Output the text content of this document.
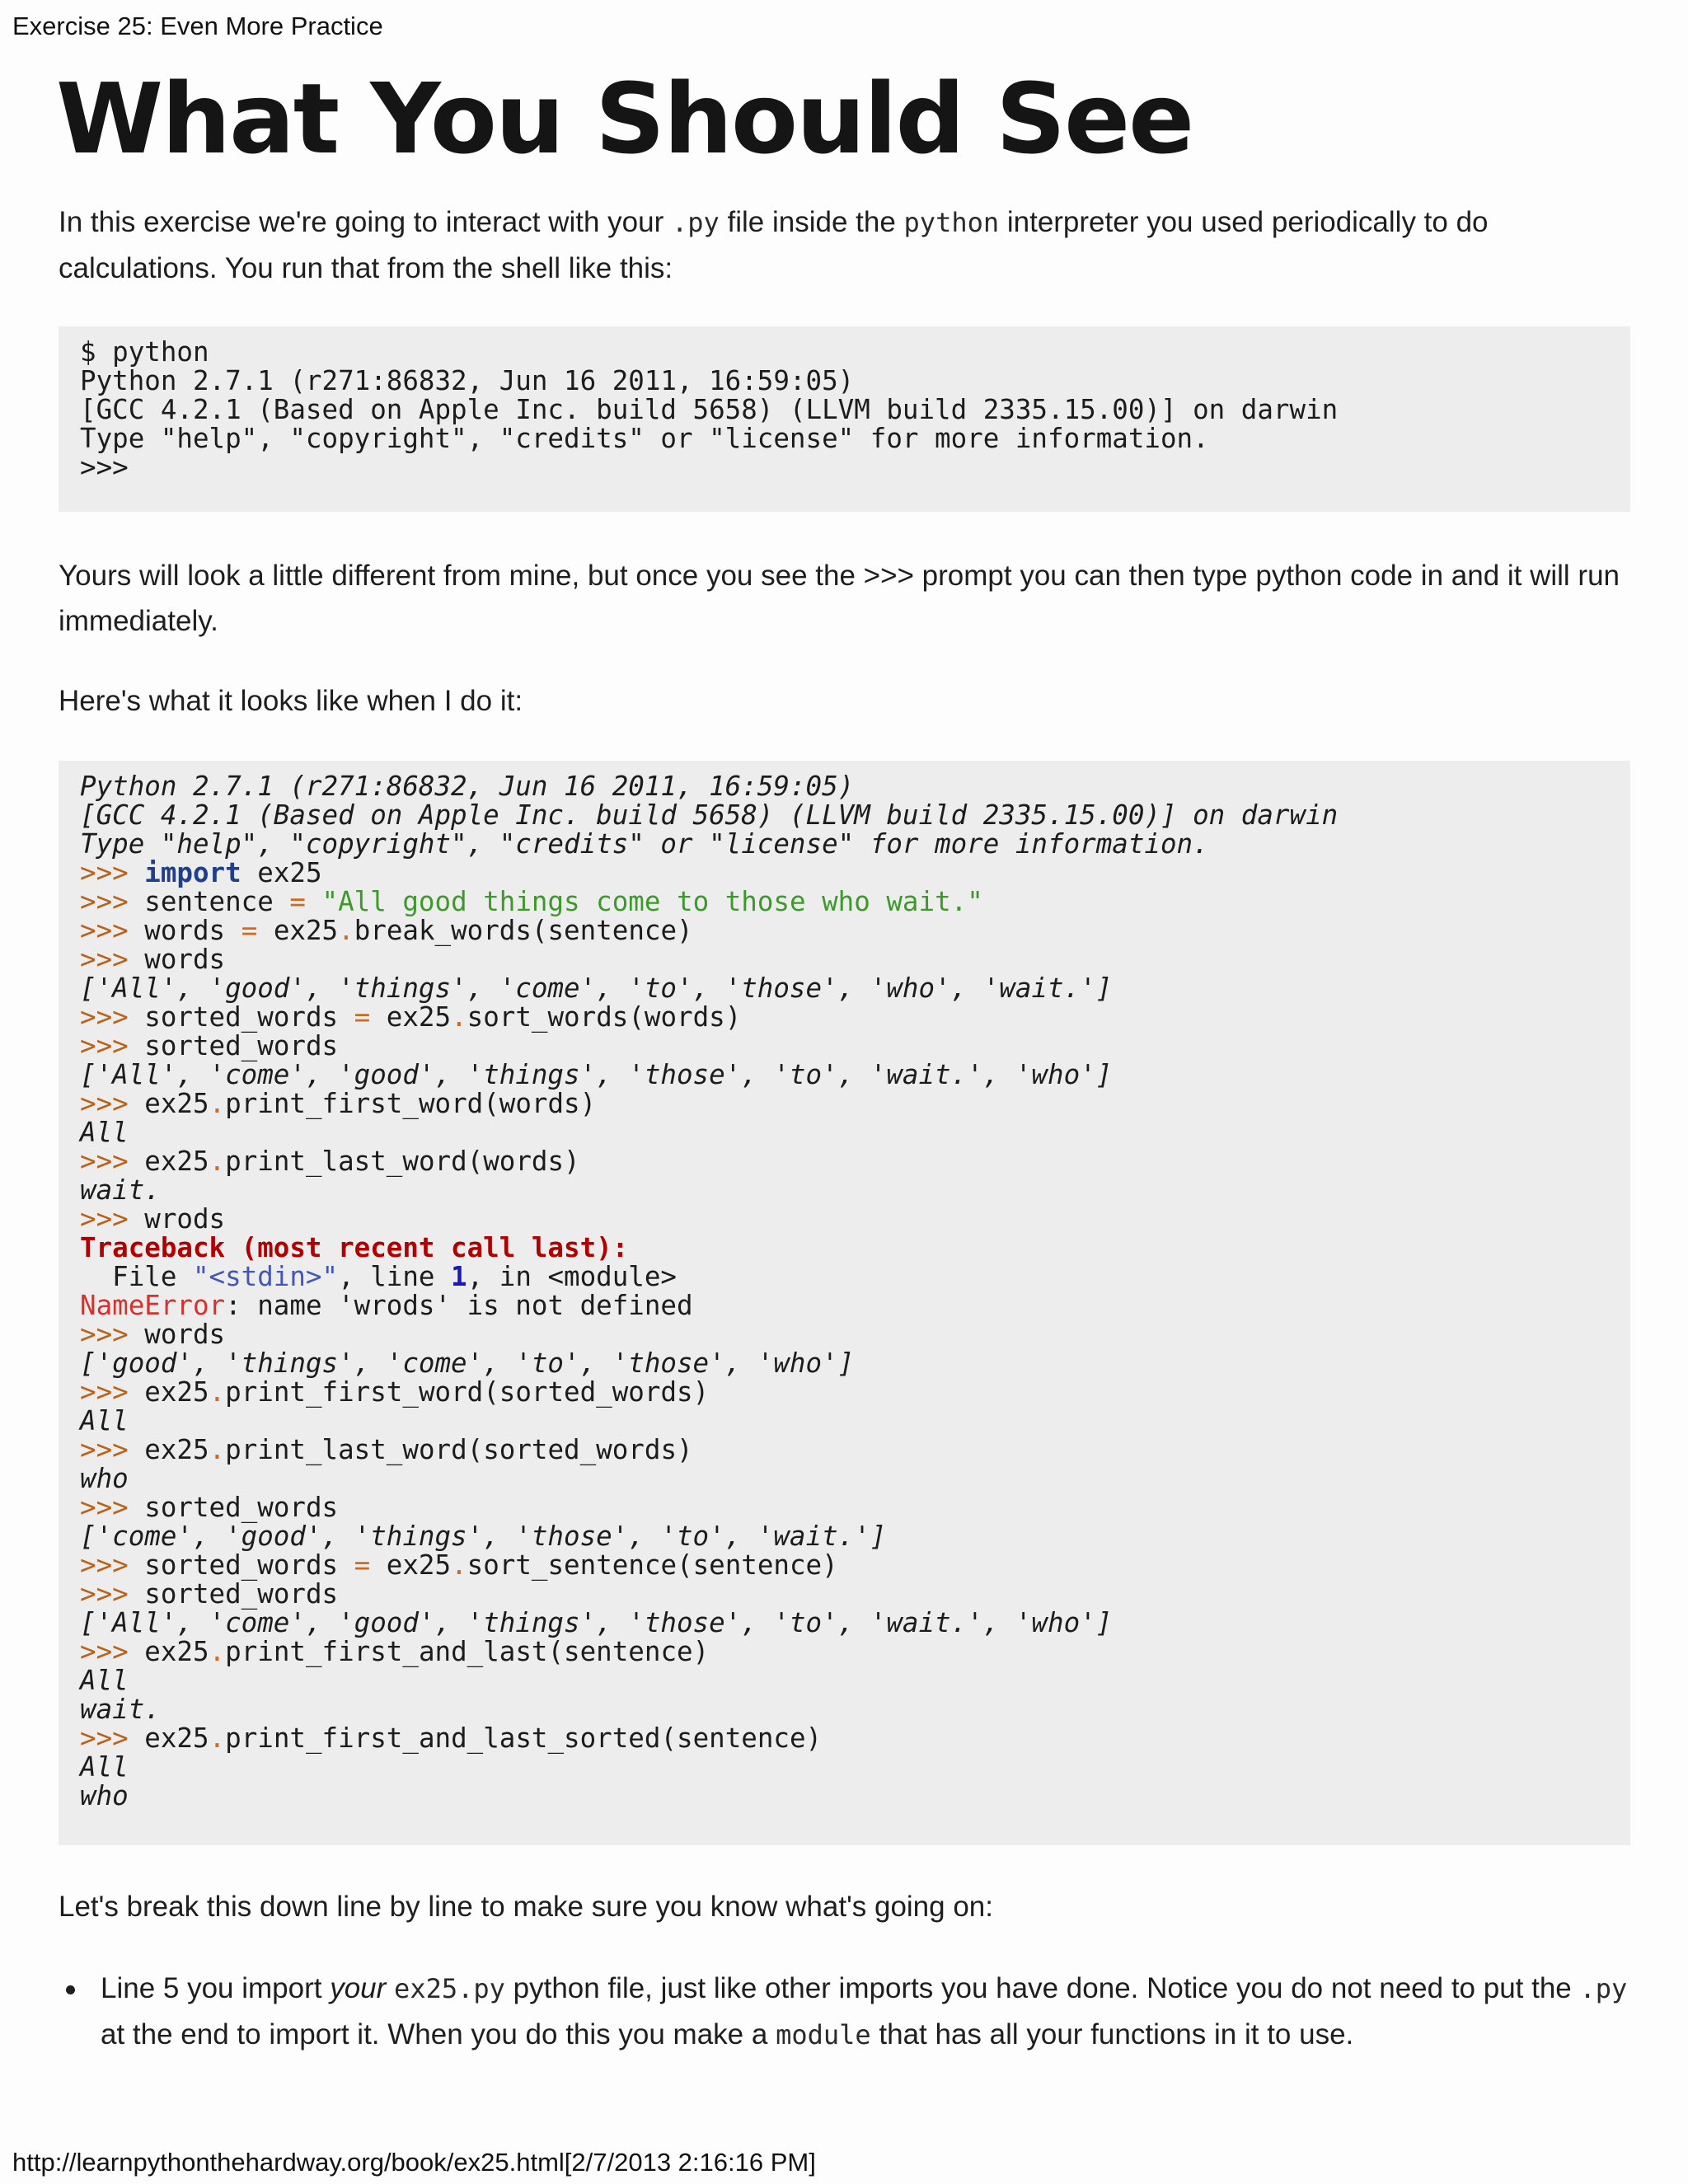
Exercise 25: Even More Practice
What You Should See

In this exercise we're going to interact with your .py file inside the python interpreter you used periodically to do calculations. You run that from the shell like this:

$ python
Python 2.7.1 (r271:86832, Jun 16 2011, 16:59:05)
[GCC 4.2.1 (Based on Apple Inc. build 5658) (LLVM build 2335.15.00)] on darwin
Type "help", "copyright", "credits" or "license" for more information.
>>>

Yours will look a little different from mine, but once you see the >>> prompt you can then type python code in and it will run immediately.

Here's what it looks like when I do it:

Python 2.7.1 (r271:86832, Jun 16 2011, 16:59:05)
[GCC 4.2.1 (Based on Apple Inc. build 5658) (LLVM build 2335.15.00)] on darwin
Type "help", "copyright", "credits" or "license" for more information.
>>> import ex25
>>> sentence = "All good things come to those who wait."
>>> words = ex25.break_words(sentence)
>>> words
['All', 'good', 'things', 'come', 'to', 'those', 'who', 'wait.']
>>> sorted_words = ex25.sort_words(words)
>>> sorted_words
['All', 'come', 'good', 'things', 'those', 'to', 'wait.', 'who']
>>> ex25.print_first_word(words)
All
>>> ex25.print_last_word(words)
wait.
>>> wrods
Traceback (most recent call last):
File "<stdin>", line 1, in <module>
NameError: name 'wrods' is not defined
>>> words
['good', 'things', 'come', 'to', 'those', 'who']
>>> ex25.print_first_word(sorted_words)
All
>>> ex25.print_last_word(sorted_words)
who
>>> sorted_words
['come', 'good', 'things', 'those', 'to', 'wait.']
>>> sorted_words = ex25.sort_sentence(sentence)
>>> sorted_words
['All', 'come', 'good', 'things', 'those', 'to', 'wait.', 'who']
>>> ex25.print_first_and_last(sentence)
All
wait.
>>> ex25.print_first_and_last_sorted(sentence)
All
who

Let's break this down line by line to make sure you know what's going on:

Line 5 you import your ex25.py python file, just like other imports you have done. Notice you do not need to put the .py at the end to import it. When you do this you make a module that has all your functions in it to use.

http://learnpythonthehardway.org/book/ex25.html[2/7/2013 2:16:16 PM]
